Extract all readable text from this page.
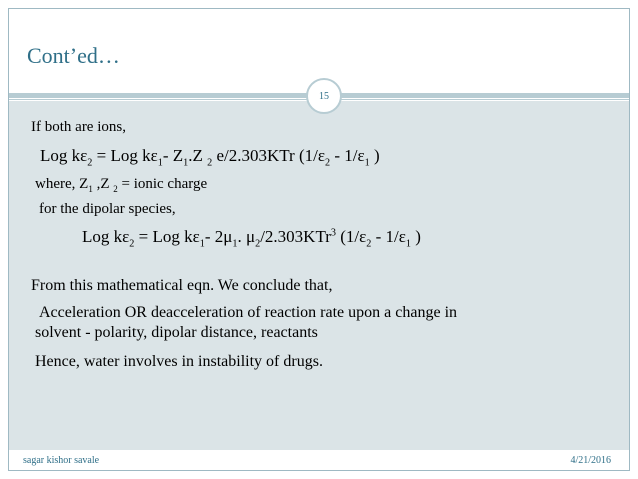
Cont’ed…
If both are ions,
Log $k\varepsilon_2$ = Log $k\varepsilon_1-$ $Z_1.Z$ $_2$ e/2.303KTr ($1/\varepsilon_2 - 1/\varepsilon_1$ )
where, $Z_1$ ,Z $_2$ = ionic charge
for the dipolar species,
Log $k\varepsilon_2$ = Log $k\varepsilon_1-$ $2\mu_1$. $\mu_2/2.303KTr^3$ ($1/\varepsilon_2 - 1/\varepsilon_1$ )
From this mathematical eqn. We conclude that,
Acceleration OR deacceleration of reaction rate upon a change in
solvent - polarity, dipolar distance, reactants
Hence, water involves in instability of drugs.
15
sagar kishor savale	4/21/2016
